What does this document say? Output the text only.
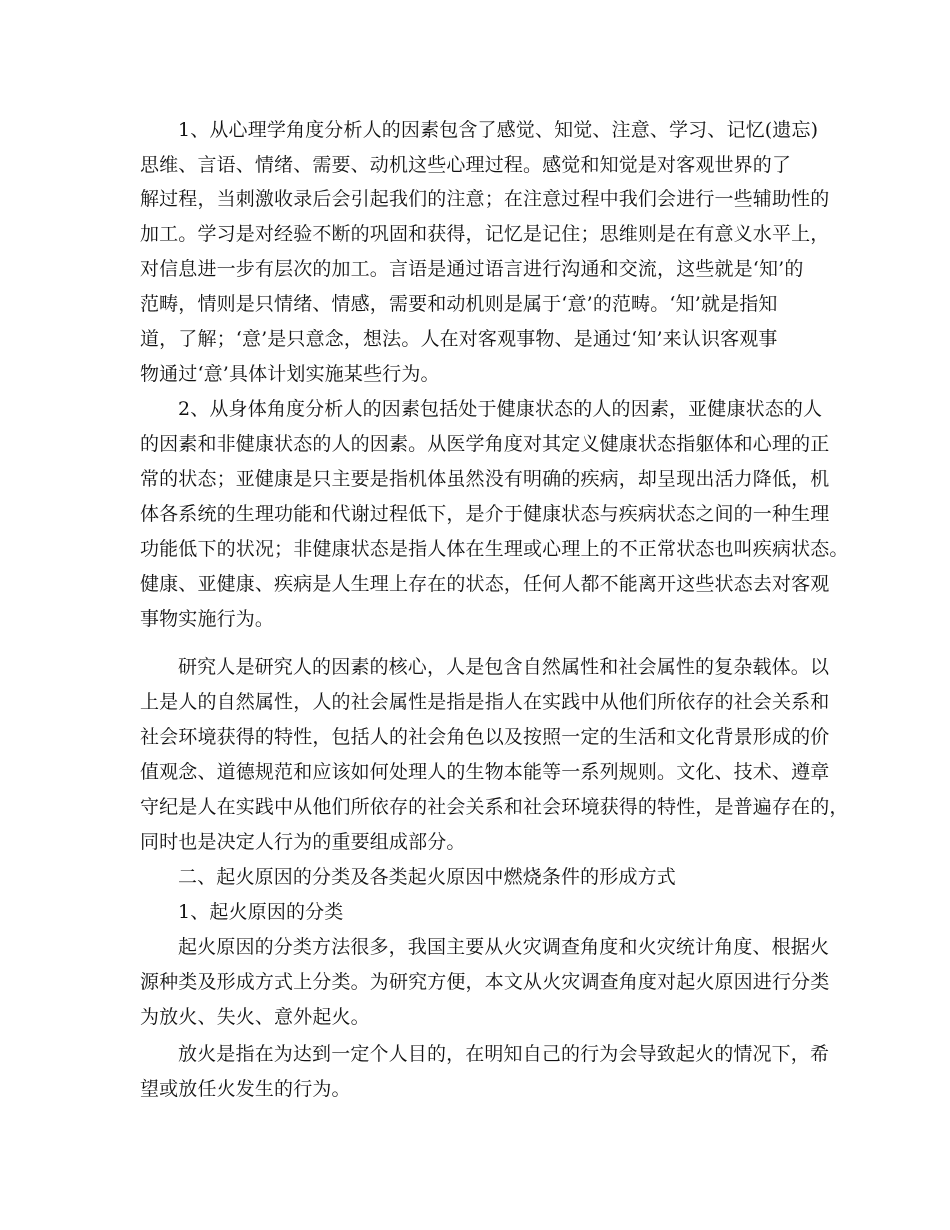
1、从心理学角度分析人的因素包含了感觉、知觉、注意、学习、记忆(遗忘)
思维、言语、情绪、需要、动机这些心理过程。感觉和知觉是对客观世界的了
解过程，当刺激收录后会引起我们的注意；在注意过程中我们会进行一些辅助性的
加工。学习是对经验不断的巩固和获得，记忆是记住；思维则是在有意义水平上，
对信息进一步有层次的加工。言语是通过语言进行沟通和交流，这些就是‘知’的
范畴，情则是只情绪、情感，需要和动机则是属于‘意’的范畴。‘知’就是指知
道，了解；‘意’是只意念，想法。人在对客观事物、是通过‘知’来认识客观事
物通过‘意’具体计划实施某些行为。
2、从身体角度分析人的因素包括处于健康状态的人的因素，亚健康状态的人
的因素和非健康状态的人的因素。从医学角度对其定义健康状态指躯体和心理的正
常的状态；亚健康是只主要是指机体虽然没有明确的疾病，却呈现出活力降低，机
体各系统的生理功能和代谢过程低下，是介于健康状态与疾病状态之间的一种生理
功能低下的状况；非健康状态是指人体在生理或心理上的不正常状态也叫疾病状态。
健康、亚健康、疾病是人生理上存在的状态，任何人都不能离开这些状态去对客观
事物实施行为。
研究人是研究人的因素的核心，人是包含自然属性和社会属性的复杂载体。以
上是人的自然属性，人的社会属性是指是指人在实践中从他们所依存的社会关系和
社会环境获得的特性，包括人的社会角色以及按照一定的生活和文化背景形成的价
值观念、道德规范和应该如何处理人的生物本能等一系列规则。文化、技术、遵章
守纪是人在实践中从他们所依存的社会关系和社会环境获得的特性，是普遍存在的，
同时也是决定人行为的重要组成部分。
二、起火原因的分类及各类起火原因中燃烧条件的形成方式
1、起火原因的分类
起火原因的分类方法很多，我国主要从火灾调查角度和火灾统计角度、根据火
源种类及形成方式上分类。为研究方便，本文从火灾调查角度对起火原因进行分类
为放火、失火、意外起火。
放火是指在为达到一定个人目的，在明知自己的行为会导致起火的情况下，希
望或放任火发生的行为。
